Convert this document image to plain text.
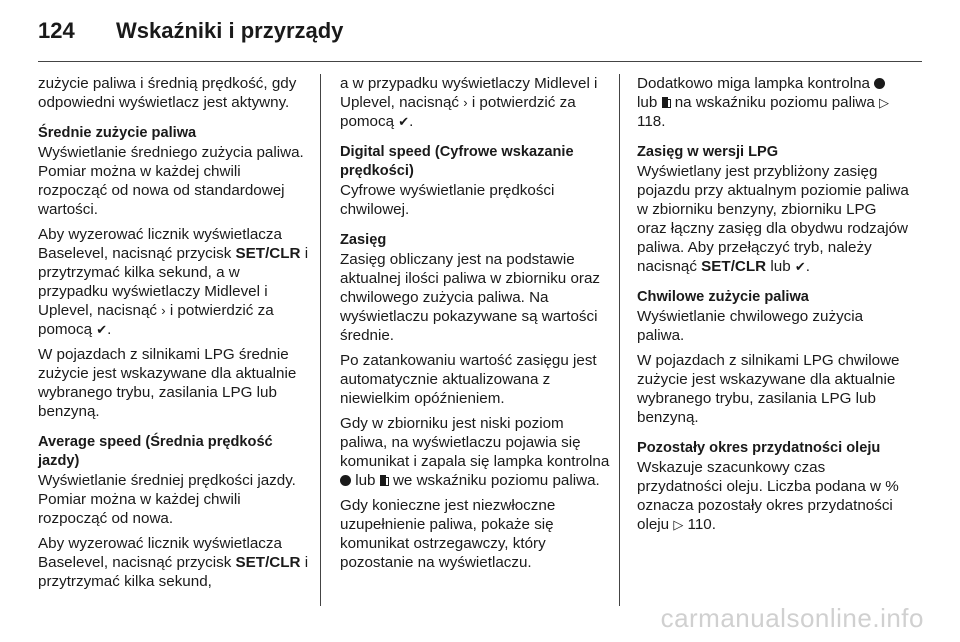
124 Wskaźniki i przyrządy

zużycie paliwa i średnią prędkość, gdy odpowiedni wyświetlacz jest aktywny.

Średnie zużycie paliwa

Wyświetlanie średniego zużycia paliwa. Pomiar można w każdej chwili rozpocząć od nowa od standardowej wartości.

Aby wyzerować licznik wyświetlacza Baselevel, nacisnąć przycisk SET/CLR i przytrzymać kilka sekund, a w przypadku wyświetlaczy Midlevel i Uplevel, nacisnąć › i potwierdzić za pomocą ✔.

W pojazdach z silnikami LPG średnie zużycie jest wskazywane dla aktualnie wybranego trybu, zasilania LPG lub benzyną.

Average speed (Średnia prędkość jazdy)

Wyświetlanie średniej prędkości jazdy. Pomiar można w każdej chwili rozpocząć od nowa.

Aby wyzerować licznik wyświetlacza Baselevel, nacisnąć przycisk SET/CLR i przytrzymać kilka sekund,

a w przypadku wyświetlaczy Midlevel i Uplevel, nacisnąć › i potwierdzić za pomocą ✔.

Digital speed (Cyfrowe wskazanie prędkości)

Cyfrowe wyświetlanie prędkości chwilowej.

Zasięg

Zasięg obliczany jest na podstawie aktualnej ilości paliwa w zbiorniku oraz chwilowego zużycia paliwa. Na wyświetlaczu pokazywane są wartości średnie.

Po zatankowaniu wartość zasięgu jest automatycznie aktualizowana z niewielkim opóźnieniem.

Gdy w zbiorniku jest niski poziom paliwa, na wyświetlaczu pojawia się komunikat i zapala się lampka kontrolna  lub  we wskaźniku poziomu paliwa.

Gdy konieczne jest niezwłoczne uzupełnienie paliwa, pokaże się komunikat ostrzegawczy, który pozostanie na wyświetlaczu.

Dodatkowo miga lampka kontrolna  lub  na wskaźniku poziomu paliwa ▷ 118.

Zasięg w wersji LPG

Wyświetlany jest przybliżony zasięg pojazdu przy aktualnym poziomie paliwa w zbiorniku benzyny, zbiorniku LPG oraz łączny zasięg dla obydwu rodzajów paliwa. Aby przełączyć tryb, należy nacisnąć SET/CLR lub ✔.

Chwilowe zużycie paliwa

Wyświetlanie chwilowego zużycia paliwa.

W pojazdach z silnikami LPG chwilowe zużycie jest wskazywane dla aktualnie wybranego trybu, zasilania LPG lub benzyną.

Pozostały okres przydatności oleju

Wskazuje szacunkowy czas przydatności oleju. Liczba podana w % oznacza pozostały okres przydatności oleju ▷ 110.

carmanualsonline.info
